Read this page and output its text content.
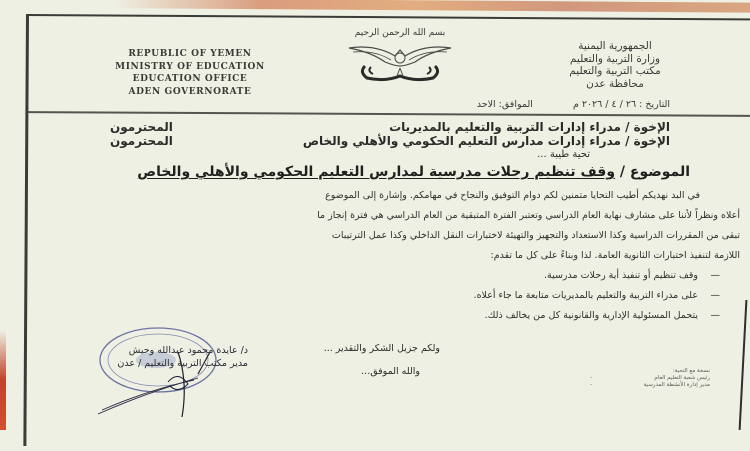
REPUBLIC OF YEMEN
MINISTRY OF EDUCATION
EDUCATION OFFICE
ADEN GOVERNORATE
بسم الله الرحمن الرحيم
الجمهورية اليمنية
وزارة التربية والتعليم
مكتب التربية والتعليم
محافظة عدن
التاريخ : ٢٦ / ٤ / ٢٠٢٦ م
الموافق: الاحد
الإخوة / مدراء إدارات التربية والتعليم بالمديريات
المحترمون
الإخوة / مدراء إدارات مدارس التعليم الحكومي والأهلي والخاص
المحترمون
تحية طيبة ...
الموضوع / وقف تنظيم رحلات مدرسية لمدارس التعليم الحكومي والأهلي والخاص

في البد نهديكم أطيب التحايا متمنين لكم دوام التوفيق والنجاح في مهامكم. وإشارة إلى الموضوع

أعلاه ونظراً لأننا على مشارف نهاية العام الدراسي وتعتبر الفترة المتبقية من العام الدراسي هي فترة إنجاز ما

تبقى من المقررات الدراسية وكذا الاستعداد والتجهيز والتهيئة لاختبارات النقل الداخلي وكذا عمل الترتيبات

اللازمة لتنفيذ اختبارات الثانوية العامة. لذا وبناءً على كل ما تقدم:

—وقف تنظيم أو تنفيذ أية رحلات مدرسية.
—على مدراء التربية والتعليم بالمديريات متابعة ما جاء أعلاه.
—يتحمل المسئولية الإدارية والقانونية كل من يخالف ذلك.
ولكم جزيل الشكر والتقدير ...
والله الموفق...
د/ عايدة محمود عبدالله وحيش
مدير مكتب التربية والتعليم / عدن
نسخة مع التحية:
رئيس شعبة التعليم العام
-
مدير إدارة الأنشطة المدرسية
-
